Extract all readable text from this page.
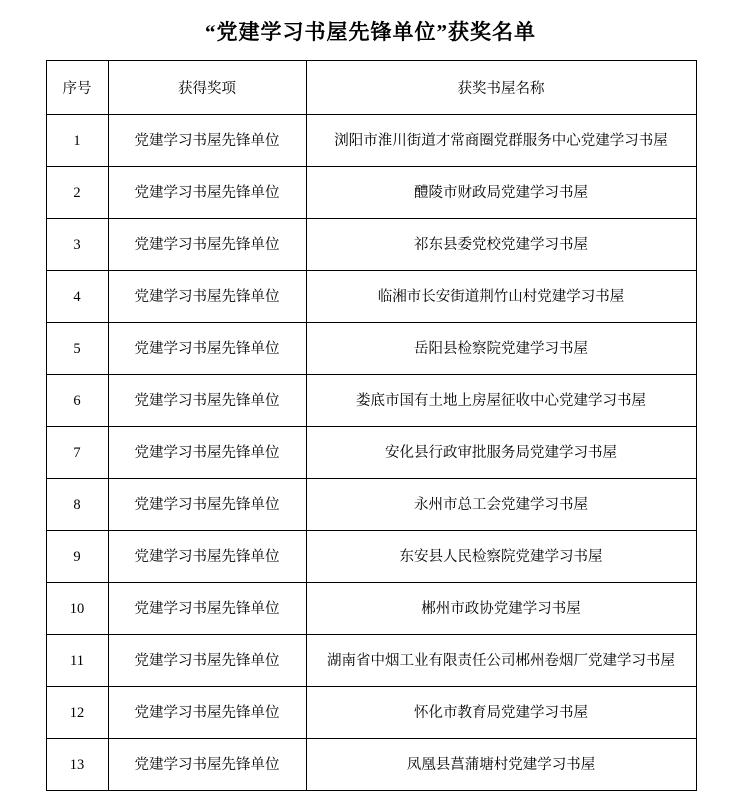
“党建学习书屋先锋单位”获奖名单
序号	获得奖项	获奖书屋名称

1	党建学习书屋先锋单位	浏阳市淮川街道才常商圈党群服务中心党建学习书屋

2	党建学习书屋先锋单位	醴陵市财政局党建学习书屋

3	党建学习书屋先锋单位	祁东县委党校党建学习书屋

4	党建学习书屋先锋单位	临湘市长安街道荆竹山村党建学习书屋

5	党建学习书屋先锋单位	岳阳县检察院党建学习书屋

6	党建学习书屋先锋单位	娄底市国有土地上房屋征收中心党建学习书屋

7	党建学习书屋先锋单位	安化县行政审批服务局党建学习书屋

8	党建学习书屋先锋单位	永州市总工会党建学习书屋

9	党建学习书屋先锋单位	东安县人民检察院党建学习书屋

10	党建学习书屋先锋单位	郴州市政协党建学习书屋

11	党建学习书屋先锋单位	湖南省中烟工业有限责任公司郴州卷烟厂党建学习书屋

12	党建学习书屋先锋单位	怀化市教育局党建学习书屋

13	党建学习书屋先锋单位	凤凰县菖蒲塘村党建学习书屋
